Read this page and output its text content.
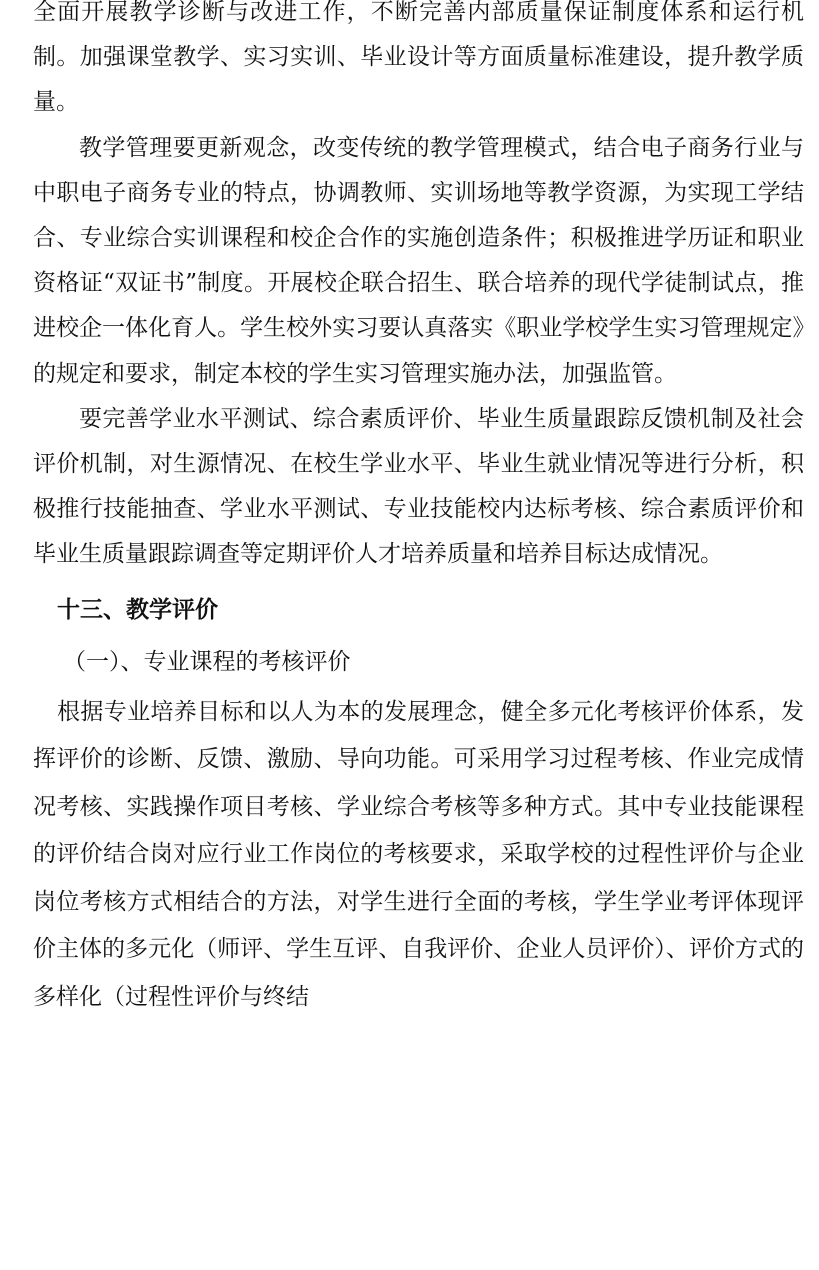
全面开展教学诊断与改进工作，不断完善内部质量保证制度体系和运行机制。加强课堂教学、实习实训、毕业设计等方面质量标准建设，提升教学质量。

教学管理要更新观念，改变传统的教学管理模式，结合电子商务行业与中职电子商务专业的特点，协调教师、实训场地等教学资源，为实现工学结合、专业综合实训课程和校企合作的实施创造条件；积极推进学历证和职业资格证“双证书”制度。开展校企联合招生、联合培养的现代学徒制试点，推进校企一体化育人。学生校外实习要认真落实《职业学校学生实习管理规定》的规定和要求，制定本校的学生实习管理实施办法，加强监管。

要完善学业水平测试、综合素质评价、毕业生质量跟踪反馈机制及社会评价机制，对生源情况、在校生学业水平、毕业生就业情况等进行分析，积极推行技能抽查、学业水平测试、专业技能校内达标考核、综合素质评价和毕业生质量跟踪调查等定期评价人才培养质量和培养目标达成情况。

十三、教学评价

（一）、专业课程的考核评价

根据专业培养目标和以人为本的发展理念，健全多元化考核评价体系，发挥评价的诊断、反馈、激励、导向功能。可采用学习过程考核、作业完成情况考核、实践操作项目考核、学业综合考核等多种方式。其中专业技能课程的评价结合岗对应行业工作岗位的考核要求，采取学校的过程性评价与企业岗位考核方式相结合的方法，对学生进行全面的考核，学生学业考评体现评价主体的多元化（师评、学生互评、自我评价、企业人员评价）、评价方式的多样化（过程性评价与终结
